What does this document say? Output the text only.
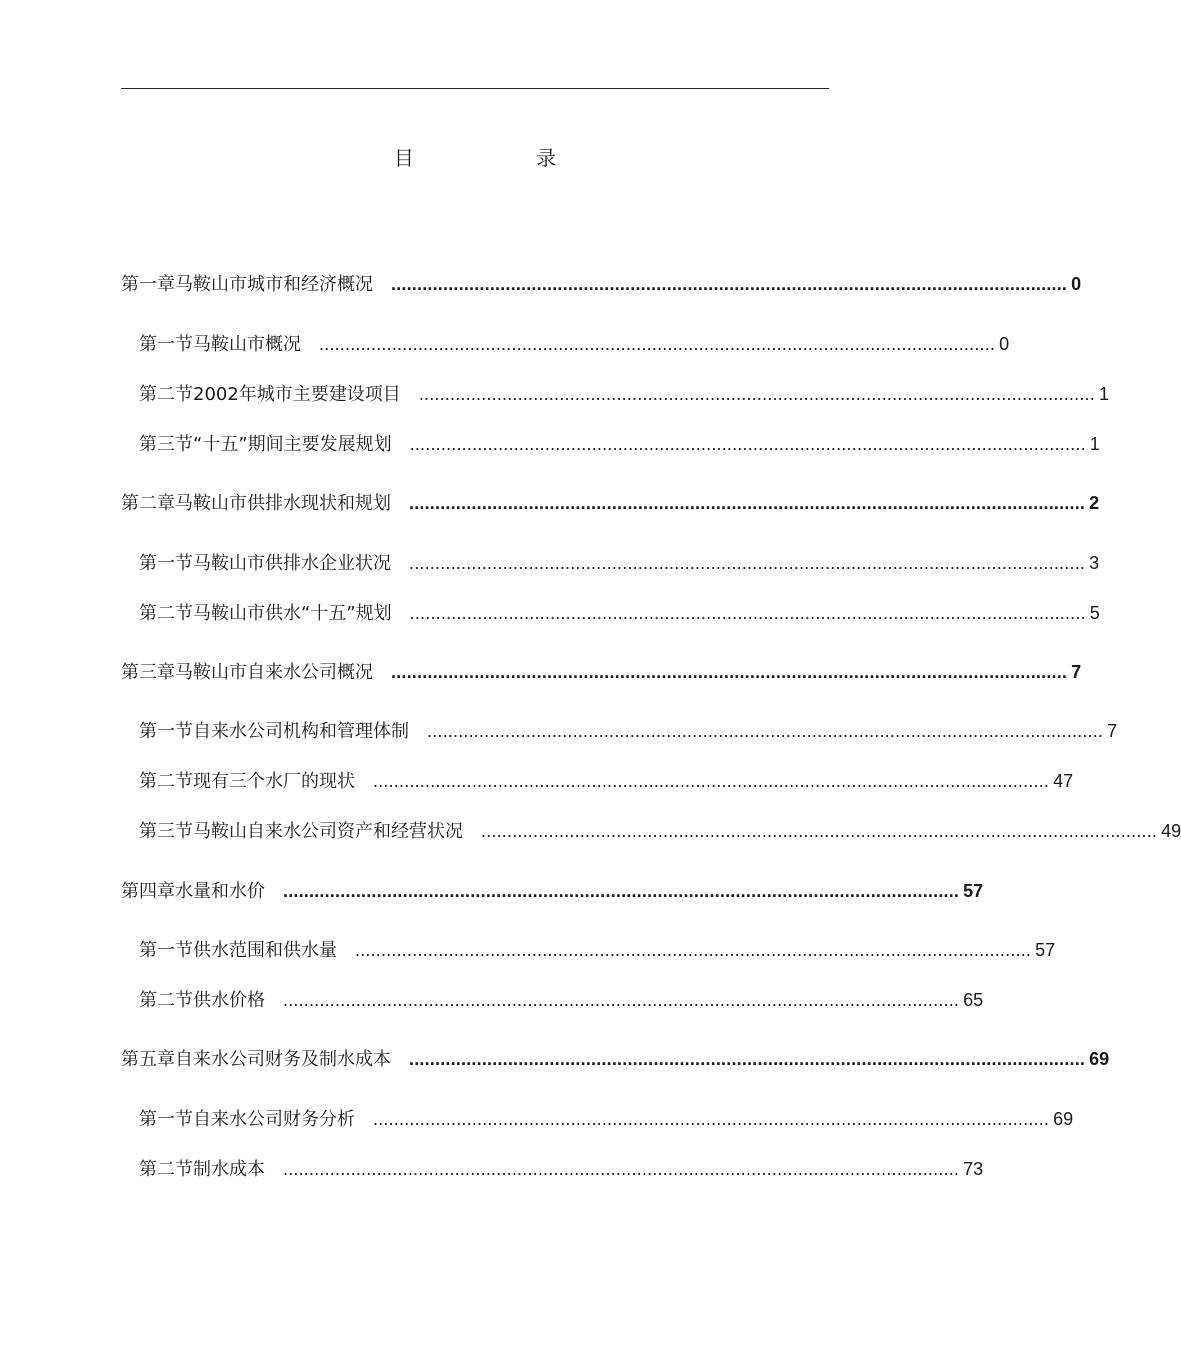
目 录
第一章 马鞍山市城市和经济概况 .................................................................................................................................. 0
第一节 马鞍山市概况 .................................................................................................................................. 0
第二节 2002年城市主要建设项目 .................................................................................................................................. 1
第三节 “十五”期间主要发展规划 .................................................................................................................................. 1
第二章 马鞍山市供排水现状和规划 .................................................................................................................................. 2
第一节 马鞍山市供排水企业状况 .................................................................................................................................. 3
第二节 马鞍山市供水“十五”规划 .................................................................................................................................. 5
第三章 马鞍山市自来水公司概况 .................................................................................................................................. 7
第一节 自来水公司机构和管理体制 .................................................................................................................................. 7
第二节 现有三个水厂的现状 .................................................................................................................................. 47
第三节 马鞍山自来水公司资产和经营状况 .................................................................................................................................. 49
第四章 水量和水价 .................................................................................................................................. 57
第一节 供水范围和供水量 .................................................................................................................................. 57
第二节 供水价格 .................................................................................................................................. 65
第五章 自来水公司财务及制水成本 .................................................................................................................................. 69
第一节 自来水公司财务分析 .................................................................................................................................. 69
第二节 制水成本 .................................................................................................................................. 73
